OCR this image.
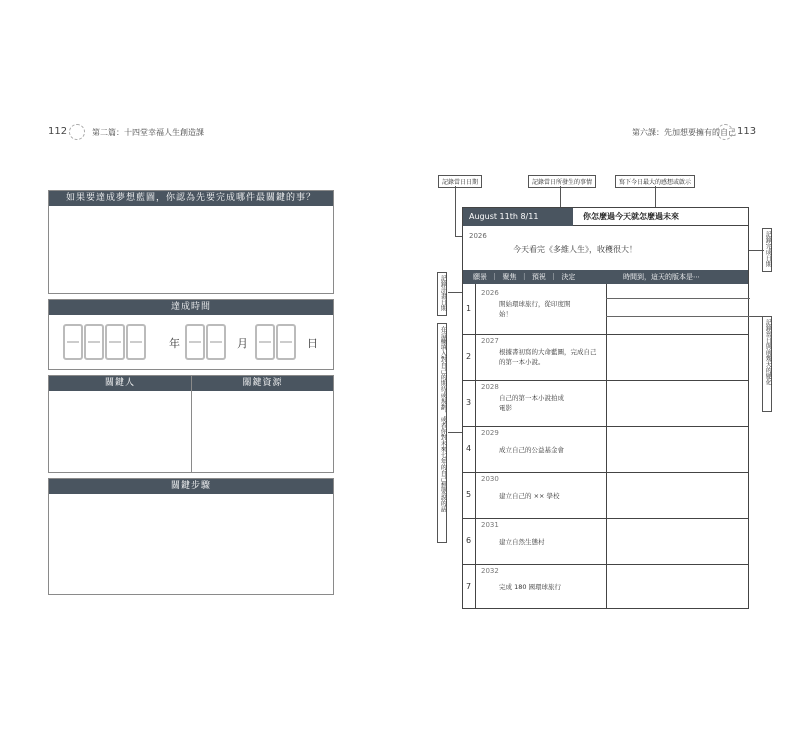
112	第二篇：十四堂幸福人生創造課
如果要達成夢想藍圖，你認為先要完成哪件最關鍵的事？
達成時間
年	月	日
關鍵人	關鍵資源
關鍵步驟
第六課：先加想要擁有的自己 113
記錄當日日期	記錄當日所發生的事情	寫下今日最大的感想或啟示
記錄完成日期
記錄計畫日期
在這欄填入對自己的期待或規劃，或者你對未來七年的自己想要說的話	記錄當日與前幾天的變化
August 11th 8/11	你怎麼過今天就怎麼過未來
2026
今天看完《多維人生》，收穫很大！
願景 ｜ 聚焦 ｜ 預祝 ｜ 決定	時間到，這天的版本是⋯
1
2026
開始環球旅行，從印度開始！
2
2027
根據書初寫的大命藍圖，完成自己的第一本小說。
3
2028
自己的第一本小說拍成電影
4
2029
成立自己的公益基金會
5
2030
建立自己的 ×× 學校
6
2031
建立自然生態村
7
2032
完成 180 國環球旅行
